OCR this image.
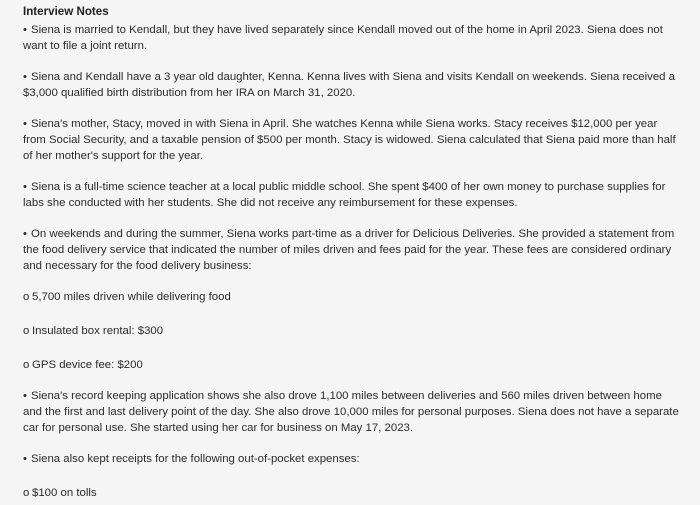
Interview Notes

• Siena is married to Kendall, but they have lived separately since Kendall moved out of the home in April 2023. Siena does not want to file a joint return.

• Siena and Kendall have a 3 year old daughter, Kenna. Kenna lives with Siena and visits Kendall on weekends. Siena received a $3,000 qualified birth distribution from her IRA on March 31, 2020.

• Siena's mother, Stacy, moved in with Siena in April. She watches Kenna while Siena works. Stacy receives $12,000 per year from Social Security, and a taxable pension of $500 per month. Stacy is widowed. Siena calculated that Siena paid more than half of her mother's support for the year.

• Siena is a full-time science teacher at a local public middle school. She spent $400 of her own money to purchase supplies for labs she conducted with her students. She did not receive any reimbursement for these expenses.

• On weekends and during the summer, Siena works part-time as a driver for Delicious Deliveries. She provided a statement from the food delivery service that indicated the number of miles driven and fees paid for the year. These fees are considered ordinary and necessary for the food delivery business:

o 5,700 miles driven while delivering food

o Insulated box rental: $300

o GPS device fee: $200

• Siena's record keeping application shows she also drove 1,100 miles between deliveries and 560 miles driven between home and the first and last delivery point of the day. She also drove 10,000 miles for personal purposes. Siena does not have a separate car for personal use. She started using her car for business on May 17, 2023.

• Siena also kept receipts for the following out-of-pocket expenses:

o $100 on tolls
